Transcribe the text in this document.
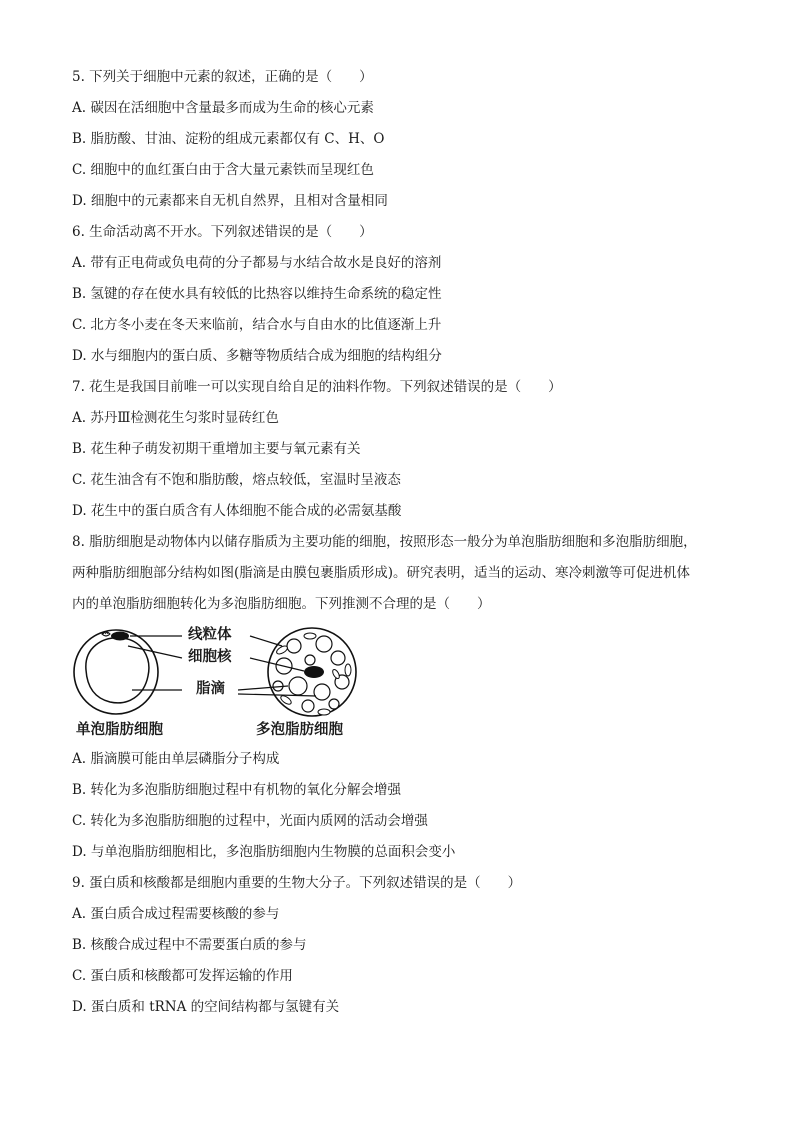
5. 下列关于细胞中元素的叙述，正确的是（　　）
A. 碳因在活细胞中含量最多而成为生命的核心元素
B. 脂肪酸、甘油、淀粉的组成元素都仅有 C、H、O
C. 细胞中的血红蛋白由于含大量元素铁而呈现红色
D. 细胞中的元素都来自无机自然界，且相对含量相同
6. 生命活动离不开水。下列叙述错误的是（　　）
A. 带有正电荷或负电荷的分子都易与水结合故水是良好的溶剂
B. 氢键的存在使水具有较低的比热容以维持生命系统的稳定性
C. 北方冬小麦在冬天来临前，结合水与自由水的比值逐渐上升
D. 水与细胞内的蛋白质、多糖等物质结合成为细胞的结构组分
7. 花生是我国目前唯一可以实现自给自足的油料作物。下列叙述错误的是（　　）
A. 苏丹Ⅲ检测花生匀浆时显砖红色
B. 花生种子萌发初期干重增加主要与氧元素有关
C. 花生油含有不饱和脂肪酸，熔点较低，室温时呈液态
D. 花生中的蛋白质含有人体细胞不能合成的必需氨基酸
8. 脂肪细胞是动物体内以储存脂质为主要功能的细胞，按照形态一般分为单泡脂肪细胞和多泡脂肪细胞，
两种脂肪细胞部分结构如图(脂滴是由膜包裹脂质形成)。研究表明，适当的运动、寒冷刺激等可促进机体
内的单泡脂肪细胞转化为多泡脂肪细胞。下列推测不合理的是（　　）
线粒体
细胞核
脂滴
单泡脂肪细胞	多泡脂肪细胞
A. 脂滴膜可能由单层磷脂分子构成
B. 转化为多泡脂肪细胞过程中有机物的氧化分解会增强
C. 转化为多泡脂肪细胞的过程中，光面内质网的活动会增强
D. 与单泡脂肪细胞相比，多泡脂肪细胞内生物膜的总面积会变小
9. 蛋白质和核酸都是细胞内重要的生物大分子。下列叙述错误的是（　　）
A. 蛋白质合成过程需要核酸的参与
B. 核酸合成过程中不需要蛋白质的参与
C. 蛋白质和核酸都可发挥运输的作用
D. 蛋白质和 tRNA 的空间结构都与氢键有关
